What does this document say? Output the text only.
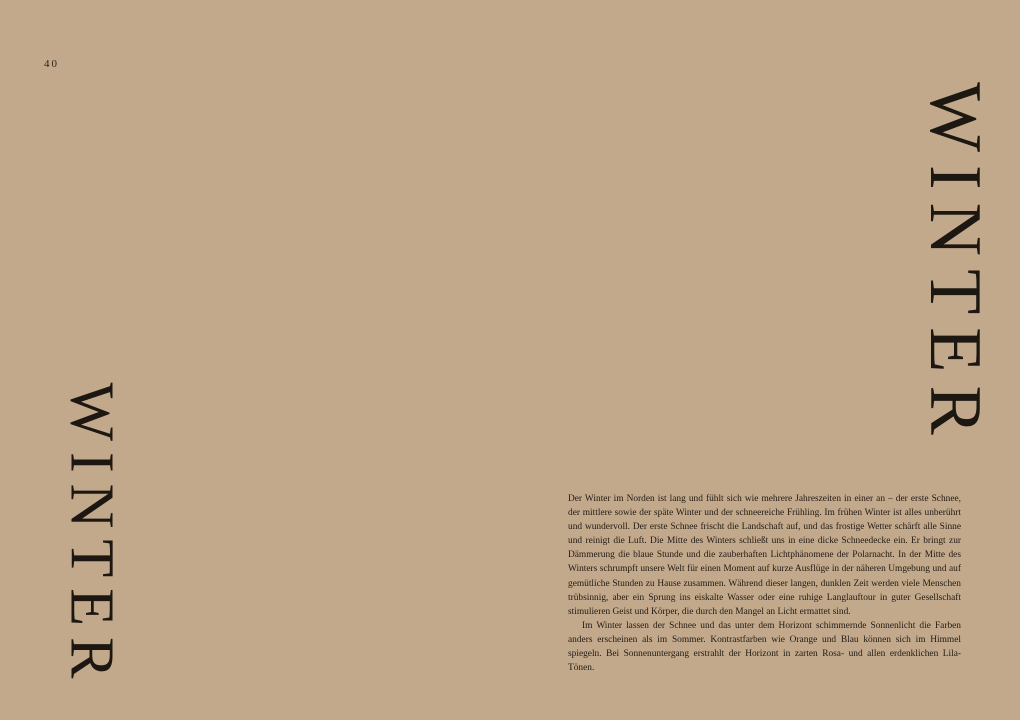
40
WINTER
WINTER	Der Winter im Norden ist lang und fühlt sich wie mehrere Jahreszeiten in einer an – der erste Schnee, der mittlere sowie der späte Winter und der schneereiche Frühling. Im frühen Winter ist alles unberührt und wundervoll. Der erste Schnee frischt die Landschaft auf, und das frostige Wetter schärft alle Sinne und reinigt die Luft. Die Mitte des Winters schließt uns in eine dicke Schneedecke ein. Er bringt zur Dämmerung die blaue Stunde und die zauberhaften Lichtphänomene der Polarnacht. In der Mitte des Winters schrumpft unsere Welt für einen Moment auf kurze Ausflüge in der näheren Umgebung und auf gemütliche Stunden zu Hause zusammen. Während dieser langen, dunklen Zeit werden viele Menschen trübsinnig, aber ein Sprung ins eiskalte Wasser oder eine ruhige Langlauftour in guter Gesellschaft stimulieren Geist und Körper, die durch den Mangel an Licht ermattet sind.

Im Winter lassen der Schnee und das unter dem Horizont schimmernde Sonnenlicht die Farben anders erscheinen als im Sommer. Kontrastfarben wie Orange und Blau können sich im Himmel spiegeln. Bei Sonnenuntergang erstrahlt der Horizont in zarten Rosa- und allen erdenklichen Lila-Tönen.
